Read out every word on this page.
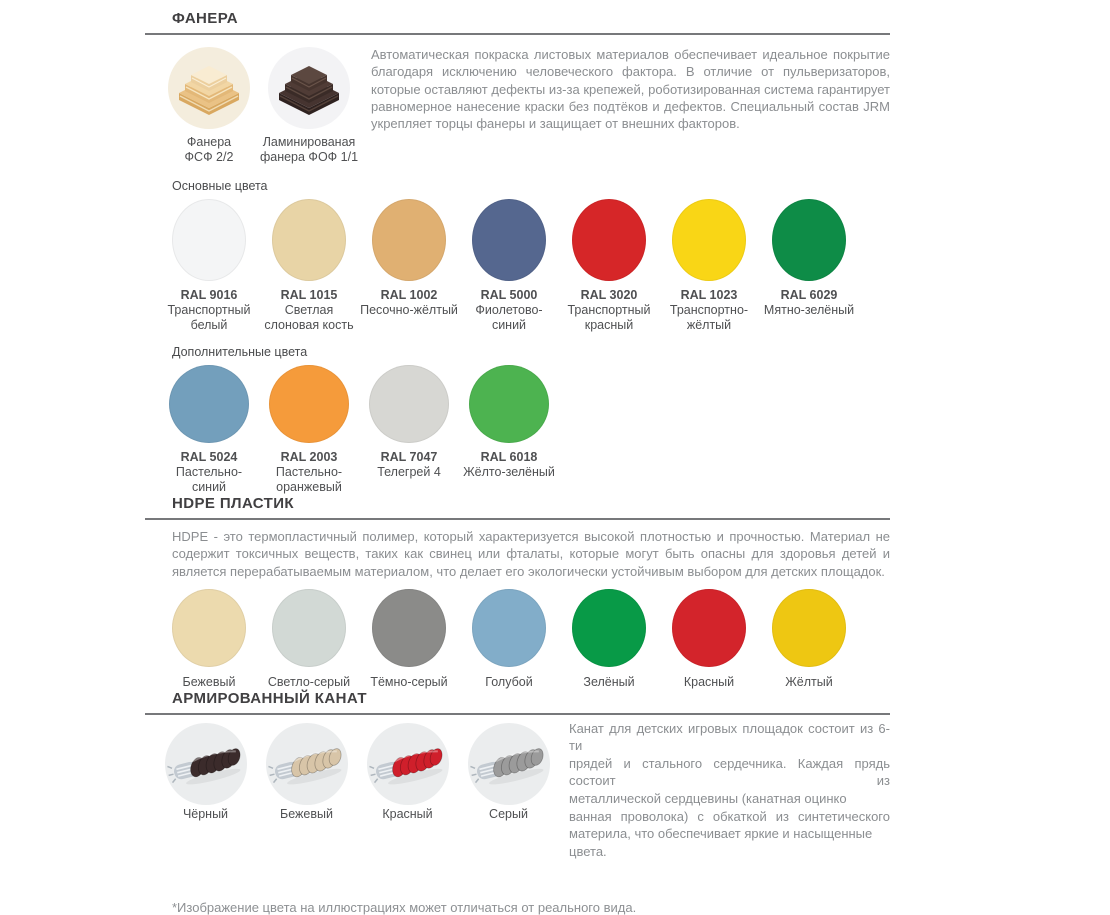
ФАНЕРА
Фанера ФСФ 2/2
Ламинированая фанера ФОФ 1/1
Автоматическая покраска листовых материалов обеспечивает идеальное покрытие благодаря исключению человеческого фактора. В отличие от пульверизаторов, которые оставляют дефекты из-за крепежей, роботизированная система гарантирует равномерное нанесение краски без подтёков и дефектов. Специальный состав JRM укрепляет торцы фанеры и защищает от внешних факторов.
Основные цвета
RAL 9016
Транспортный белый
RAL 1015
Светлая слоновая кость
RAL 1002
Песочно-жёлтый
RAL 5000
Фиолетово-синий
RAL 3020
Транспортный красный
RAL 1023
Транспортно-жёлтый
RAL 6029
Мятно-зелёный
Дополнительные цвета
RAL 5024
Пастельно-синий
RAL 2003
Пастельно-оранжевый
RAL 7047
Телегрей 4
RAL 6018
Жёлто-зелёный
HDPE ПЛАСТИК
HDPE - это термопластичный полимер, который характеризуется высокой плотностью и прочностью. Материал не содержит токсичных веществ, таких как свинец или фталаты, которые могут быть опасны для здоровья детей и является перерабатываемым материалом, что делает его экологически устойчивым выбором для детских площадок.
Бежевый	Светло-серый	Тёмно-серый	Голубой	Зелёный	Красный	Жёлтый
АРМИРОВАННЫЙ КАНАТ
Чёрный	Бежевый	Красный	Серый
Канат для детских игровых площадок состоит из 6-ти
прядей и стального сердечника. Каждая прядь состоит из
металлической сердцевины (канатная оцинко
ванная проволока) с обкаткой из синтетического
материла, что обеспечивает яркие и насыщенные цвета.
*Изображение цвета на иллюстрациях может отличаться от реального вида.
